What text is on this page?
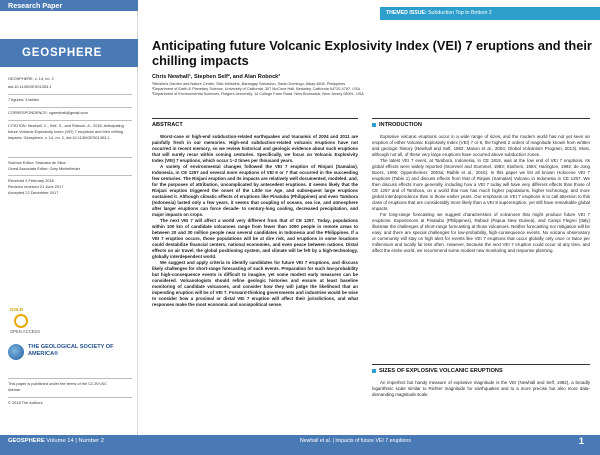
Research Paper
THEMED ISSUE: Subduction Top to Bottom 2
GEOSPHERE
GEOSPHERE, v. 14, no. 2
doi:10.1130/GES01353.1
7 figures; 3 tables
CORRESPONDENCE: cgnewhall@gmail.com
CITATION: Newhall, C., Self, S., and Robock, A., 2018, Anticipating future Volcanic Explosivity Index (VEI) 7 eruptions and their chilling impacts: Geosphere, v. 14, no. 2, doi:10.1130/GES01353.1.
Science Editor: Shanaka de Silva
Guest Associate Editor: Gary Michelfelder
Received 9 February 2016
Revision received 21 June 2017
Accepted 22 December 2017
GOLD
OPEN ACCESS
THE GEOLOGICAL SOCIETY OF AMERICA®
This paper is published under the terms of the CC-BY-NC license.
© 2018 The Authors
Anticipating future Volcanic Explosivity Index (VEI) 7 eruptions and their chilling impacts
Chris Newhall¹, Stephen Self², and Alan Robock³
¹Mirisbiris Garden and Nature Center, Sitio Mirisbiris, Barangay Salvacion, Santo Domingo, Albay 4508, Philippines
²Department of Earth & Planetary Science, University of California, 307 McCone Hall, Berkeley, California 94720-4767, USA
³Department of Environmental Sciences, Rutgers University, 14 College Farm Road, New Brunswick, New Jersey 08901, USA
ABSTRACT

Worst-case or high-end subduction-related earthquakes and tsunamis of 2004 and 2011 are painfully fresh in our memories. High-end subduction-related volcanic eruptions have not occurred in recent memory, so we review historical and geologic evidence about such eruptions that will surely recur within coming centuries. Specifically, we focus on Volcanic Explosivity Index (VEI) 7 eruptions, which occur 1–2 times per thousand years.

A variety of environmental changes followed the VEI 7 eruption of Rinjani (Samalas), Indonesia, in CE 1257 and several more eruptions of VEI 6 or 7 that occurred in the succeeding few centuries. The Rinjani eruption and its impacts are relatively well documented, modeled, and, for the purposes of attribution, uncomplicated by antecedent eruptions. It seems likely that the Rinjani eruption triggered the onset of the Little Ice Age, and subsequent large eruptions sustained it. Although climatic effects of eruptions like Pinatubo (Philippines) and even Tambora (Indonesia) lasted only a few years, it seems that coupling of oceans, sea ice, and atmosphere after larger eruptions can force decade- to century-long cooling, decreased precipitation, and major impacts on crops.

The next VEI 7 will affect a world very different from that of CE 1257. Today, populations within 100 km of candidate volcanoes range from fewer than 1000 people in remote areas to between 20 and 30 million people near several candidates in Indonesia and the Philippines. If a VEI 7 eruption occurs, those populations will be at dire risk, and eruptions in some locations could destabilize financial centers, national economies, and even peace between nations. Distal effects on air travel, the global positioning system, and climate will be felt by a high-technology, globally interdependent world.

We suggest and apply criteria to identify candidates for future VEI 7 eruptions, and discuss likely challenges for short-range forecasting of such events. Preparation for such low-probability but high-consequence events is difficult to imagine, yet some modest early measures can be considered. Volcanologists should refine geologic histories and ensure at least baseline monitoring of candidate volcanoes, and consider how they will judge the likelihood that an impending eruption will be of VEI 7. Forward-thinking governments and industries would be wise to consider how a proximal or distal VEI 7 eruption will affect their jurisdictions, and what responses make the most economic and sociopolitical sense.

INTRODUCTION

Explosive volcanic eruptions occur in a wide range of sizes, and the modern world has not yet seen an eruption of either Volcanic Explosivity Index (VEI) 7 or 8, the highest 2 orders of magnitude known from written and geologic history (Newhall and Self, 1982; Mason et al., 2004; Global Volcanism Program, 2013). Most, although not all, of these very large eruptions have occurred above subduction zones.

The latest VEI 7 event, at Tambora, Indonesia, in CE 1815, was at the low end of VEI 7 eruptions. Its global effects were widely reported (Stommel and Stommel, 1983; Stothers, 1984; Harington, 1992; de Jong Boers, 1995; Oppenheimer, 2003a; Raible et al., 2016). In this paper we list all known Holocene VEI 7 eruptions (Table 1) and discuss effects from that of Rinjani (Samalas) Volcano in Indonesia in CE 1257. We then discuss effects more generally, including how a VEI 7 today will have very different effects than those of CE 1257 and of Tambora, on a world that now has much higher populations, higher technology, and more global interdependence than in those earlier years. Our emphasis on VEI 7 eruptions is to call attention to this class of eruptions that are considerably more likely than a VEI 8 supereruption, yet still have remarkable global impacts.

For long-range forecasting we suggest characteristics of volcanoes that might produce future VEI 7 eruptions. Experiences at Pinatubo (Philippines), Rabaul (Papua New Guinea), and Campi Flegrei (Italy) illustrate the challenges of short-range forecasting at those volcanoes. Neither forecasting nor mitigation will be easy, and there are special challenges for low-probability, high-consequence events. No volcano observatory or community will stay on high alert for events like VEI 7 eruptions that occur globally only once or twice per millennium and locally far less often. However, because the next VEI 7 eruption could occur at any time, and affect the entire world, we recommend some modest new monitoring and response planning.

SIZES OF EXPLOSIVE VOLCANIC ERUPTIONS

An imperfect but handy measure of explosive magnitude is the VEI (Newhall and Self, 1982), a broadly logarithmic scale similar to Richter magnitude for earthquakes and to a more precise but also more data-demanding magnitude scale.

GEOSPHERE Volume 14 | Number 2	Newhall et al. | Impacts of future VEI 7 eruptions	1
